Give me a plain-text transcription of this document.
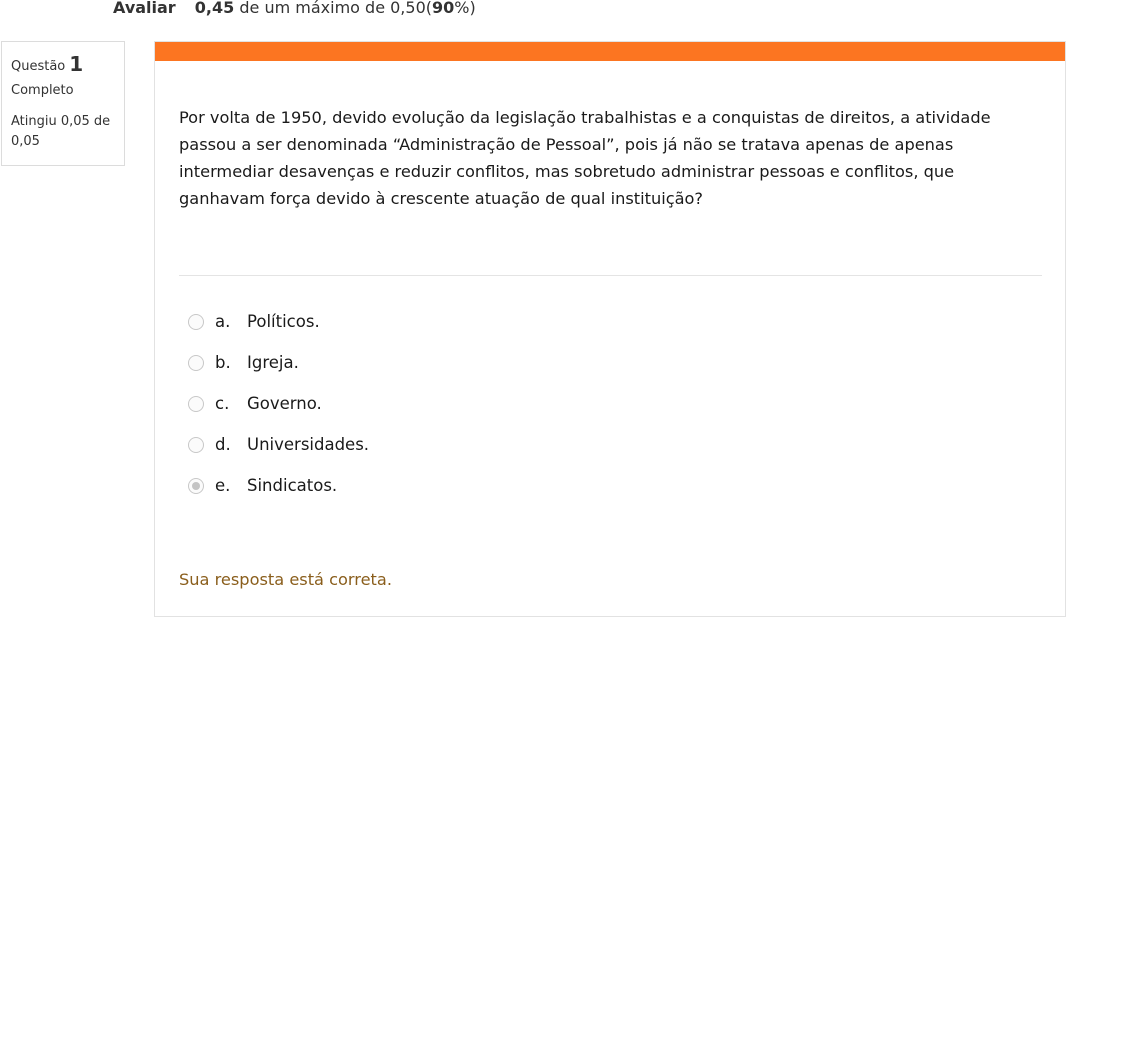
Avaliar 0,45 de um máximo de 0,50(90%)
Questão 1
Completo
Atingiu 0,05 de 0,05
Por volta de 1950, devido evolução da legislação trabalhistas e a conquistas de direitos, a atividade passou a ser denominada “Administração de Pessoal”, pois já não se tratava apenas de apenas intermediar desavenças e reduzir conflitos, mas sobretudo administrar pessoas e conflitos, que ganhavam força devido à crescente atuação de qual instituição?
a. Políticos.
b. Igreja.
c. Governo.
d. Universidades.
e. Sindicatos.
Sua resposta está correta.
